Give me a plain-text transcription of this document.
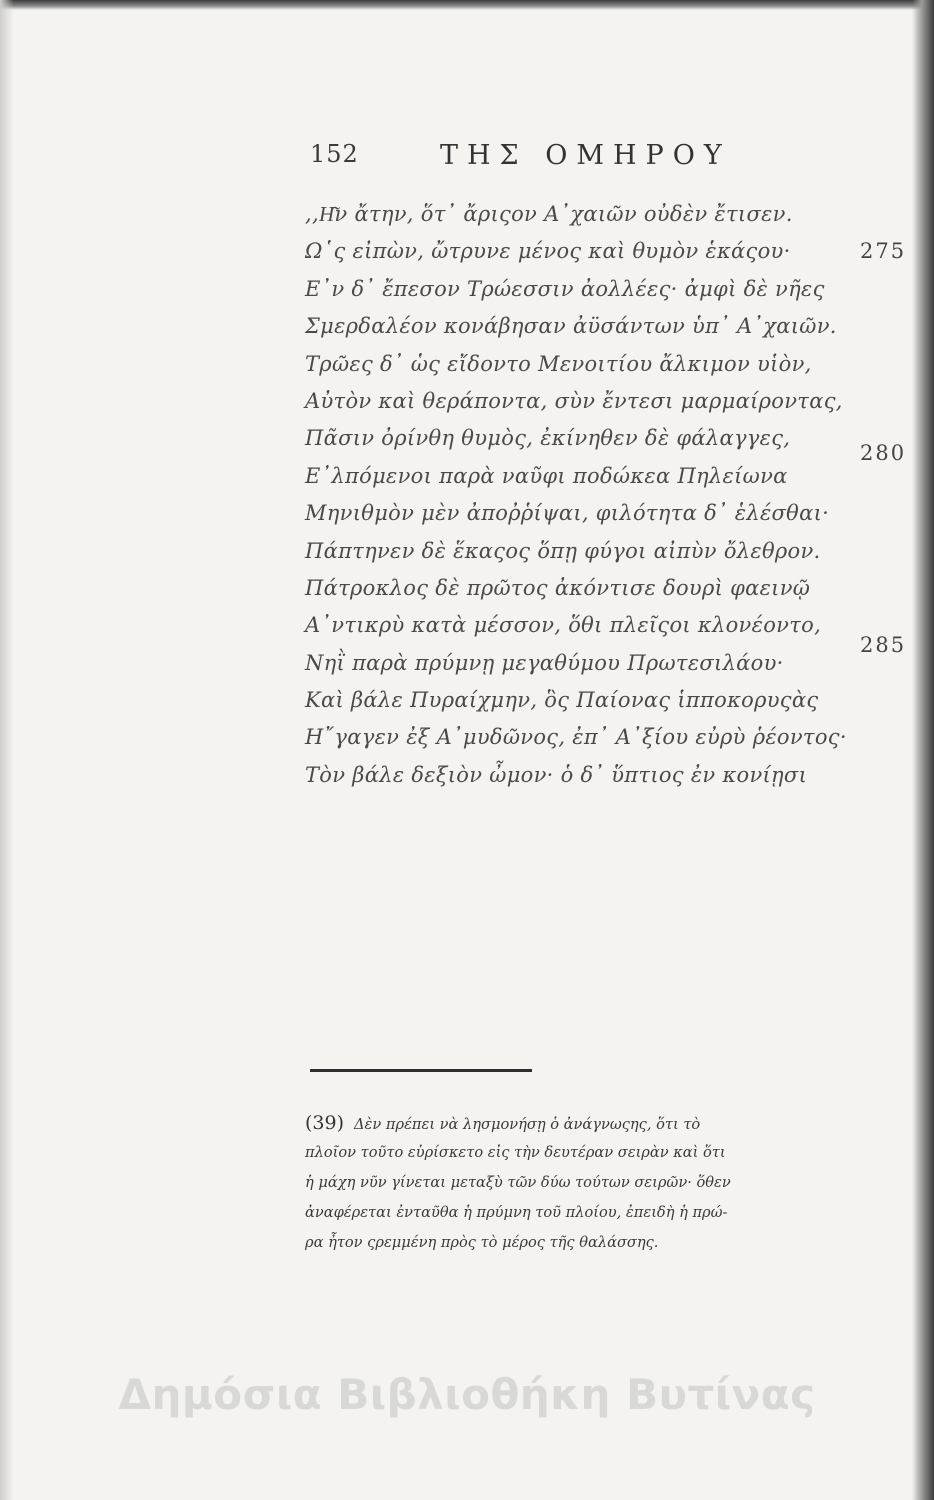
152	ΤΗΣ ΟΜΗΡΟΥ
,,Η͂ν ἄτην, ὅτ᾽ ἄριςον Α᾽χαιῶν οὐδὲν ἔτισεν.
Ω῾ς εἰπὼν, ὤτρυνε μένος καὶ θυμὸν ἑκάςου·
Ε᾽ν δ᾽ ἔπεσον Τρώεσσιν ἀολλέες· ἀμφὶ δὲ νῆες
Σμερδαλέον κονάβησαν ἀϋσάντων ὑπ᾽ Α᾽χαιῶν.
Τρῶες δ᾽ ὡς εἴδοντο Μενοιτίου ἄλκιμον υἱὸν,
Αὐτὸν καὶ θεράποντα, σὺν ἔντεσι μαρμαίροντας,
Πᾶσιν ὀρίνθη θυμὸς, ἐκίνηθεν δὲ φάλαγγες,
Ε᾽λπόμενοι παρὰ ναῦφι ποδώκεα Πηλείωνα
Μηνιθμὸν μὲν ἀποῤῥίψαι, φιλότητα δ᾽ ἑλέσθαι·
Πάπτηνεν δὲ ἕκαςος ὅπῃ φύγοι αἰπὺν ὄλεθρον.
Πάτροκλος δὲ πρῶτος ἀκόντισε δουρὶ φαεινῷ
Α᾽ντικρὺ κατὰ μέσσον, ὅθι πλεῖςοι κλονέοντο,
Νηῒ παρὰ πρύμνῃ μεγαθύμου Πρωτεσιλάου·
Καὶ βάλε Πυραίχμην, ὃς Παίονας ἱπποκορυςὰς
Η῎γαγεν ἐξ Α᾽μυδῶνος, ἐπ᾽ Α᾽ξίου εὐρὺ ῥέοντος·
Τὸν βάλε δεξιὸν ὦμον· ὁ δ᾽ ὕπτιος ἐν κονίῃσι
275
280
285
(39) Δὲν πρέπει νὰ λησμονήσῃ ὁ ἀνάγνωςης, ὅτι τὸ
πλοῖον τοῦτο εὑρίσκετο εἰς τὴν δευτέραν σειρὰν καὶ ὅτι
ἡ μάχη νῦν γίνεται μεταξὺ τῶν δύω τούτων σειρῶν· ὅθεν
ἀναφέρεται ἐνταῦθα ἡ πρύμνη τοῦ πλοίου, ἐπειδὴ ἡ πρώ-
ρα ἦτον ςρεμμένη πρὸς τὸ μέρος τῆς θαλάσσης.
Δημόσια Βιβλιοθήκη Βυτίνας
